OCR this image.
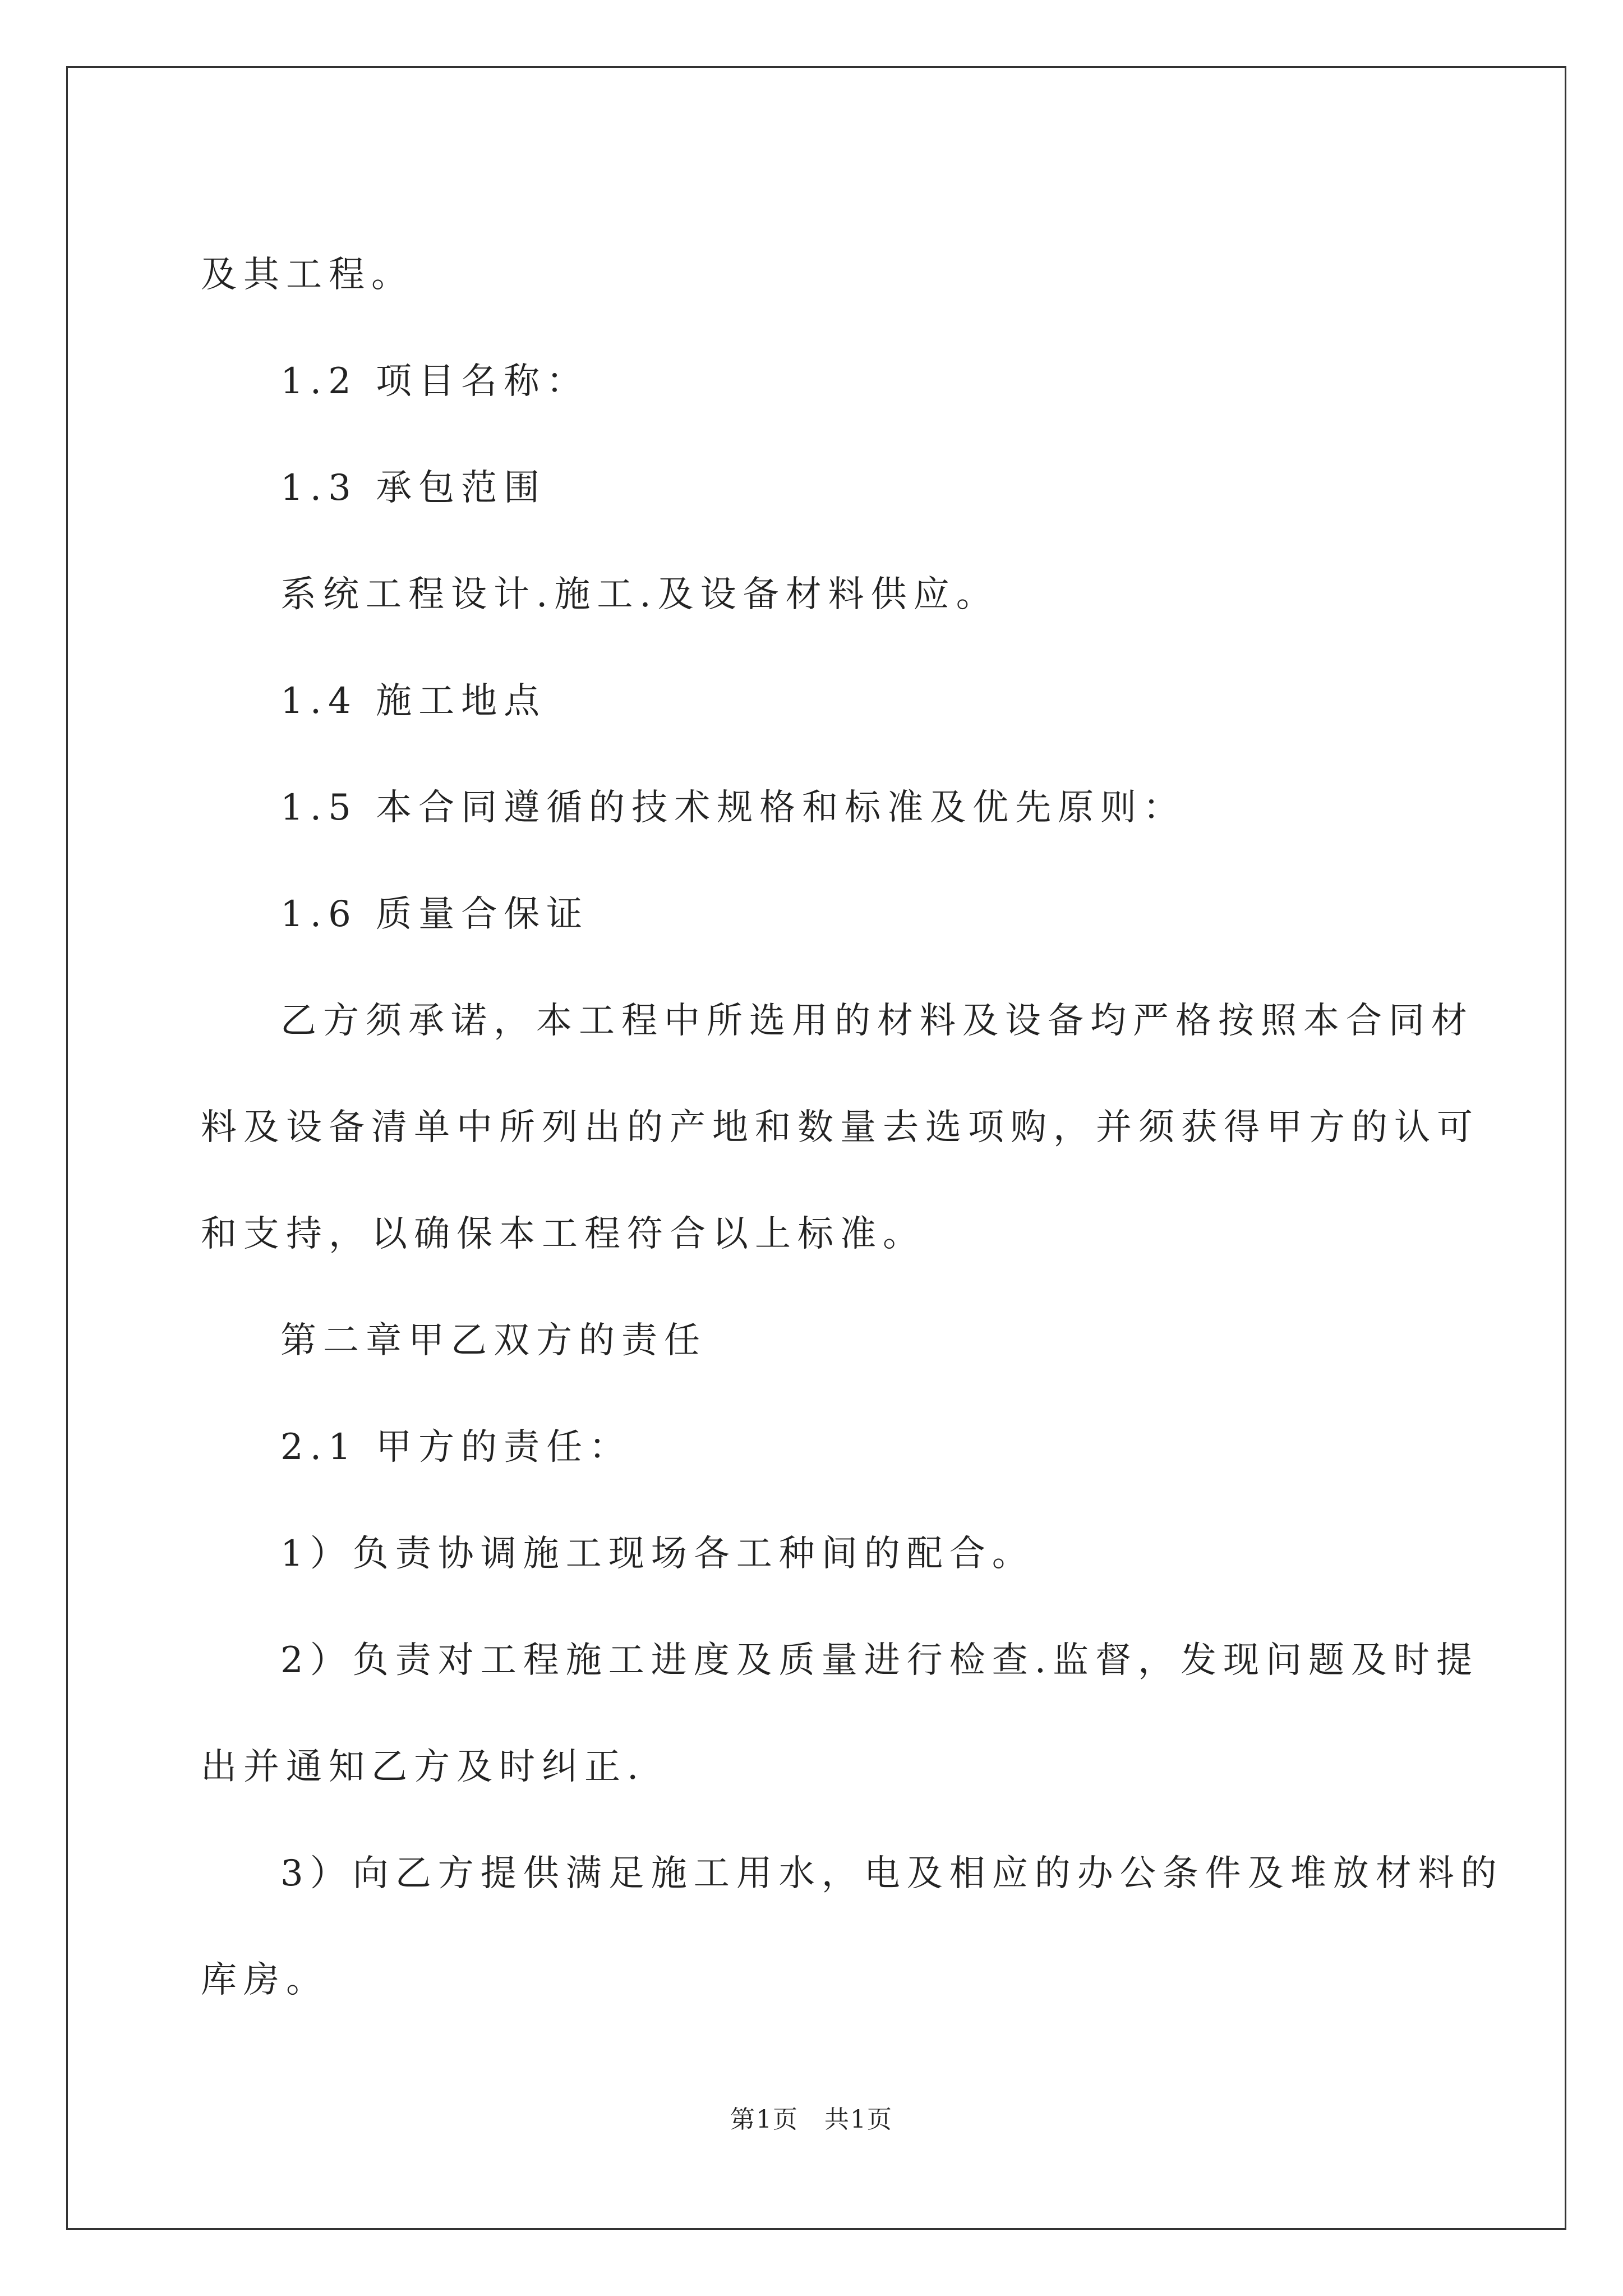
及其工程。

1.2 项目名称：

1.3 承包范围

系统工程设计.施工.及设备材料供应。

1.4 施工地点

1.5 本合同遵循的技术规格和标准及优先原则：

1.6 质量合保证

乙方须承诺，本工程中所选用的材料及设备均严格按照本合同材

料及设备清单中所列出的产地和数量去选项购，并须获得甲方的认可

和支持，以确保本工程符合以上标准。

第二章甲乙双方的责任

2.1 甲方的责任：

1）负责协调施工现场各工种间的配合。

2）负责对工程施工进度及质量进行检查.监督，发现问题及时提

出并通知乙方及时纠正.

3）向乙方提供满足施工用水，电及相应的办公条件及堆放材料的

库房。

第1页　共1页
